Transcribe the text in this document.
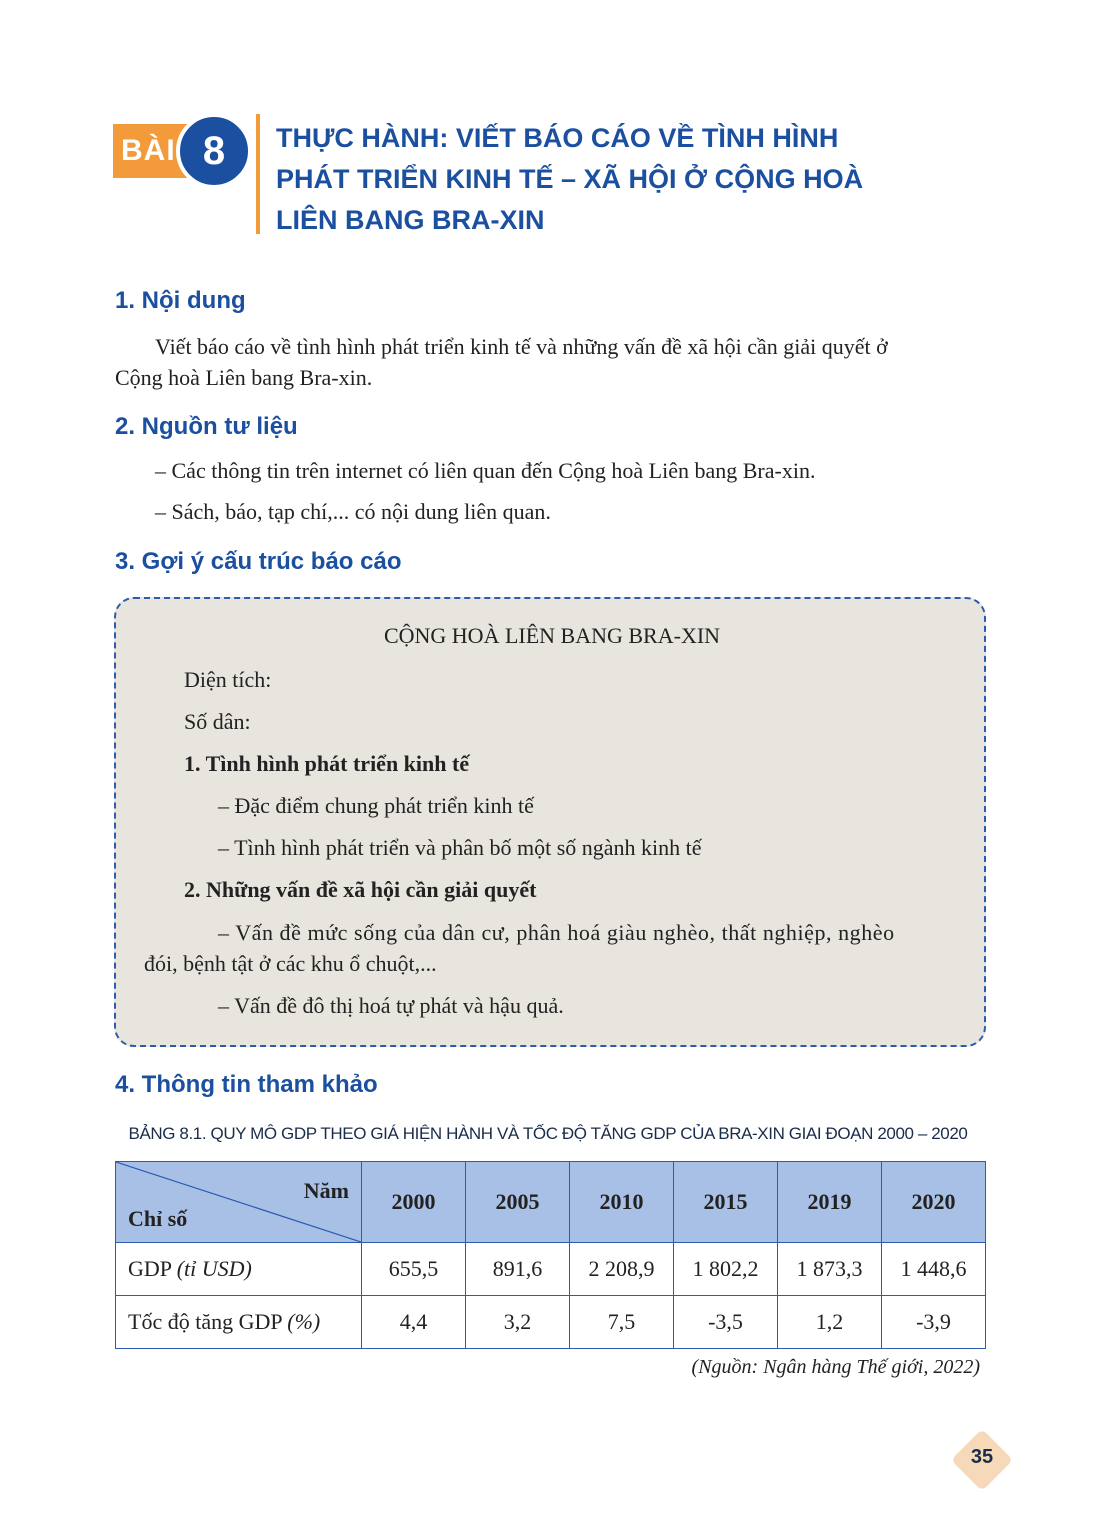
BÀI 8	THỰC HÀNH: VIẾT BÁO CÁO VỀ TÌNH HÌNH
PHÁT TRIỂN KINH TẾ – XÃ HỘI Ở CỘNG HOÀ
LIÊN BANG BRA-XIN
1. Nội dung
Viết báo cáo về tình hình phát triển kinh tế và những vấn đề xã hội cần giải quyết ở
Cộng hoà Liên bang Bra-xin.
2. Nguồn tư liệu
– Các thông tin trên internet có liên quan đến Cộng hoà Liên bang Bra-xin.
– Sách, báo, tạp chí,... có nội dung liên quan.
3. Gợi ý cấu trúc báo cáo
CỘNG HOÀ LIÊN BANG BRA-XIN
Diện tích:
Số dân:
1. Tình hình phát triển kinh tế
– Đặc điểm chung phát triển kinh tế
– Tình hình phát triển và phân bố một số ngành kinh tế
2. Những vấn đề xã hội cần giải quyết
– Vấn đề mức sống của dân cư, phân hoá giàu nghèo, thất nghiệp, nghèo
đói, bệnh tật ở các khu ổ chuột,...
– Vấn đề đô thị hoá tự phát và hậu quả.
4. Thông tin tham khảo
BẢNG 8.1. QUY MÔ GDP THEO GIÁ HIỆN HÀNH VÀ TỐC ĐỘ TĂNG GDP CỦA BRA-XIN GIAI ĐOẠN 2000 – 2020
Năm
Chỉ số	2000	2005	2010	2015	2019	2020
GDP (tỉ USD)	655,5	891,6	2 208,9	1 802,2	1 873,3	1 448,6
Tốc độ tăng GDP (%)	4,4	3,2	7,5	-3,5	1,2	-3,9
(Nguồn: Ngân hàng Thế giới, 2022)
35
